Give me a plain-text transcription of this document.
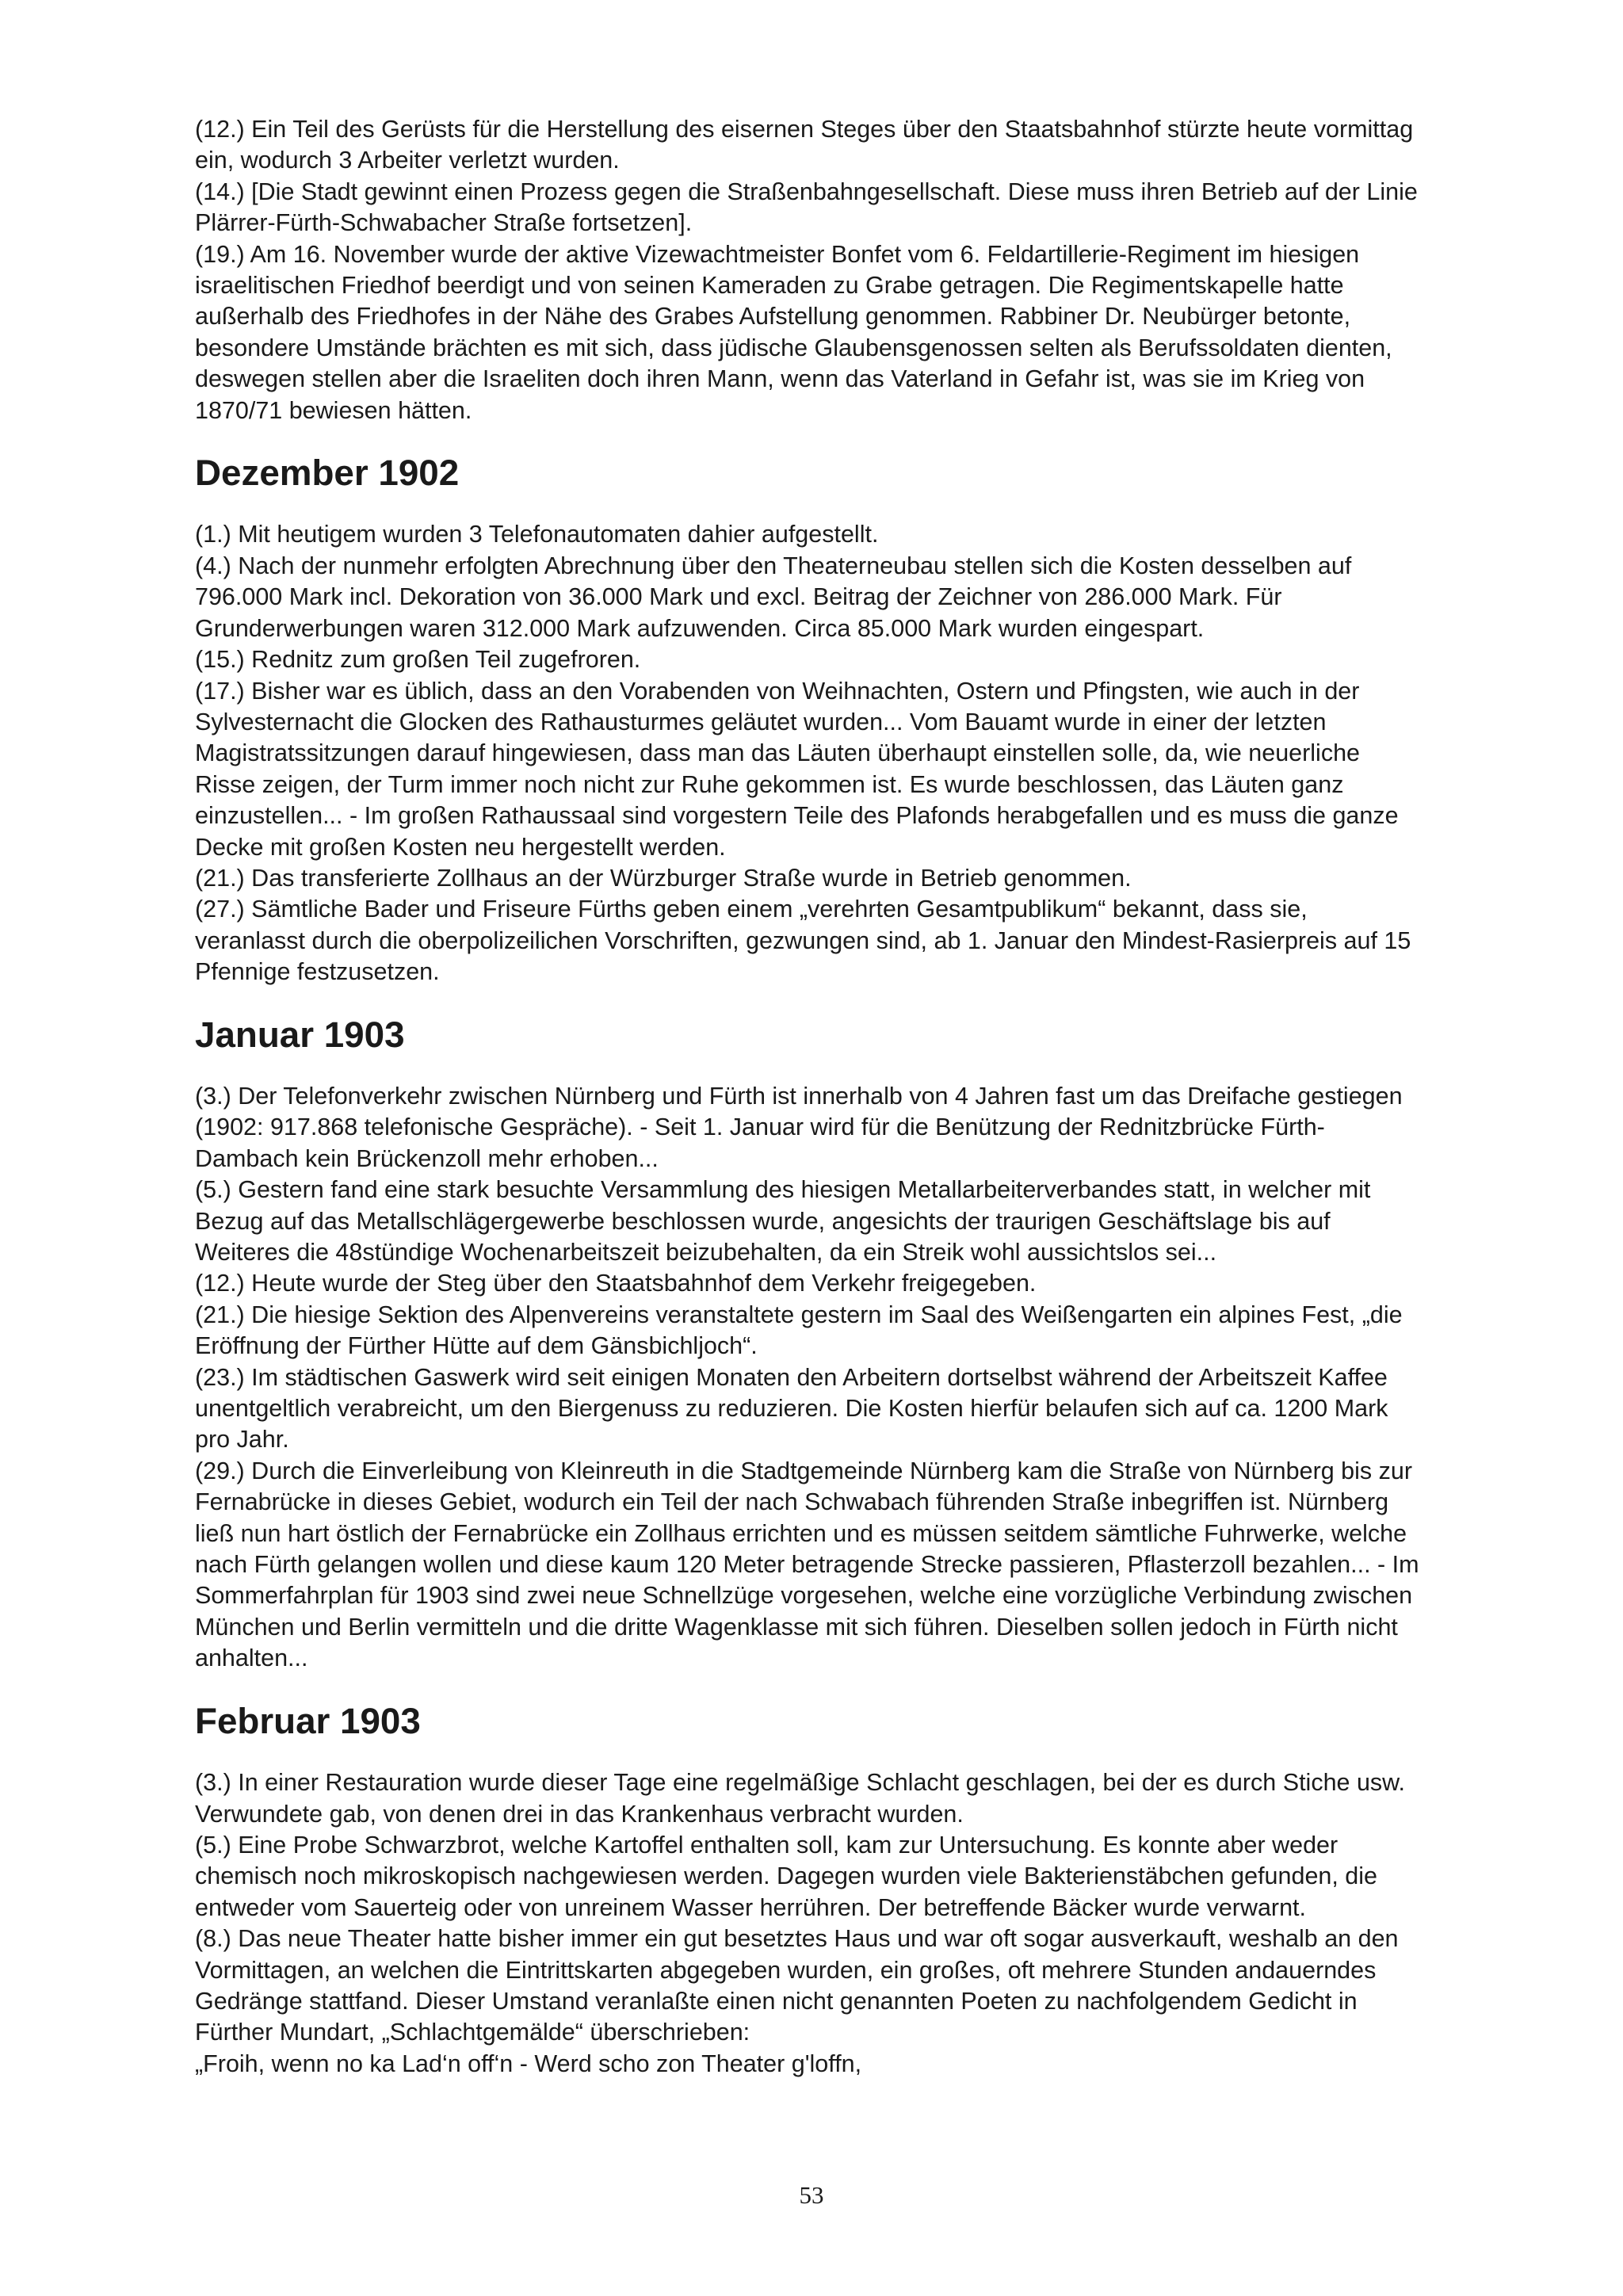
(12.) Ein Teil des Gerüsts für die Herstellung des eisernen Steges über den Staatsbahnhof stürzte heute vormittag ein, wodurch 3 Arbeiter verletzt wurden.

(14.) [Die Stadt gewinnt einen Prozess gegen die Straßenbahngesellschaft. Diese muss ihren Betrieb auf der Linie Plärrer-Fürth-Schwabacher Straße fortsetzen].

(19.) Am 16. November wurde der aktive Vizewachtmeister Bonfet vom 6. Feldartillerie-Regiment im hiesigen israelitischen Friedhof beerdigt und von seinen Kameraden zu Grabe getragen. Die Regimentskapelle hatte außerhalb des Friedhofes in der Nähe des Grabes Aufstellung genommen. Rabbiner Dr. Neubürger betonte, besondere Umstände brächten es mit sich, dass jüdische Glaubensgenossen selten als Berufssoldaten dienten, deswegen stellen aber die Israeliten doch ihren Mann, wenn das Vaterland in Gefahr ist, was sie im Krieg von 1870/71 bewiesen hätten.

Dezember 1902

(1.) Mit heutigem wurden 3 Telefonautomaten dahier aufgestellt.

(4.) Nach der nunmehr erfolgten Abrechnung über den Theaterneubau stellen sich die Kosten desselben auf 796.000 Mark incl. Dekoration von 36.000 Mark und excl. Beitrag der Zeichner von 286.000 Mark. Für Grunderwerbungen waren 312.000 Mark aufzuwenden. Circa 85.000 Mark wurden eingespart.

(15.) Rednitz zum großen Teil zugefroren.

(17.) Bisher war es üblich, dass an den Vorabenden von Weihnachten, Ostern und Pfingsten, wie auch in der Sylvesternacht die Glocken des Rathausturmes geläutet wurden... Vom Bauamt wurde in einer der letzten Magistratssitzungen darauf hingewiesen, dass man das Läuten überhaupt einstellen solle, da, wie neuerliche Risse zeigen, der Turm immer noch nicht zur Ruhe gekommen ist. Es wurde beschlossen, das Läuten ganz einzustellen... - Im großen Rathaussaal sind vorgestern Teile des Plafonds herabgefallen und es muss die ganze Decke mit großen Kosten neu hergestellt werden.

(21.) Das transferierte Zollhaus an der Würzburger Straße wurde in Betrieb genommen.

(27.) Sämtliche Bader und Friseure Fürths geben einem „verehrten Gesamtpublikum“ bekannt, dass sie, veranlasst durch die oberpolizeilichen Vorschriften, gezwungen sind, ab 1. Januar den Mindest-Rasierpreis auf 15 Pfennige festzusetzen.

Januar 1903

(3.) Der Telefonverkehr zwischen Nürnberg und Fürth ist innerhalb von 4 Jahren fast um das Dreifache gestiegen (1902: 917.868 telefonische Gespräche). - Seit 1. Januar wird für die Benützung der Rednitzbrücke Fürth-Dambach kein Brückenzoll mehr erhoben...

(5.) Gestern fand eine stark besuchte Versammlung des hiesigen Metallarbeiterverbandes statt, in welcher mit Bezug auf das Metallschlägergewerbe beschlossen wurde, angesichts der traurigen Geschäftslage bis auf Weiteres die 48stündige Wochenarbeitszeit beizubehalten, da ein Streik wohl aussichtslos sei...

(12.) Heute wurde der Steg über den Staatsbahnhof dem Verkehr freigegeben.

(21.) Die hiesige Sektion des Alpenvereins veranstaltete gestern im Saal des Weißengarten ein alpines Fest, „die Eröffnung der Fürther Hütte auf dem Gänsbichljoch“.

(23.) Im städtischen Gaswerk wird seit einigen Monaten den Arbeitern dortselbst während der Arbeitszeit Kaffee unentgeltlich verabreicht, um den Biergenuss zu reduzieren. Die Kosten hierfür belaufen sich auf ca. 1200 Mark pro Jahr.

(29.) Durch die Einverleibung von Kleinreuth in die Stadtgemeinde Nürnberg kam die Straße von Nürnberg bis zur Fernabrücke in dieses Gebiet, wodurch ein Teil der nach Schwabach führenden Straße inbegriffen ist. Nürnberg ließ nun hart östlich der Fernabrücke ein Zollhaus errichten und es müssen seitdem sämtliche Fuhrwerke, welche nach Fürth gelangen wollen und diese kaum 120 Meter betragende Strecke passieren, Pflasterzoll bezahlen... - Im Sommerfahrplan für 1903 sind zwei neue Schnellzüge vorgesehen, welche eine vorzügliche Verbindung zwischen München und Berlin vermitteln und die dritte Wagenklasse mit sich führen. Dieselben sollen jedoch in Fürth nicht anhalten...

Februar 1903

(3.) In einer Restauration wurde dieser Tage eine regelmäßige Schlacht geschlagen, bei der es durch Stiche usw. Verwundete gab, von denen drei in das Krankenhaus verbracht wurden.

(5.) Eine Probe Schwarzbrot, welche Kartoffel enthalten soll, kam zur Untersuchung. Es konnte aber weder chemisch noch mikroskopisch nachgewiesen werden. Dagegen wurden viele Bakterienstäbchen gefunden, die entweder vom Sauerteig oder von unreinem Wasser herrühren. Der betreffende Bäcker wurde verwarnt.

(8.) Das neue Theater hatte bisher immer ein gut besetztes Haus und war oft sogar ausverkauft, weshalb an den Vormittagen, an welchen die Eintrittskarten abgegeben wurden, ein großes, oft mehrere Stunden andauerndes Gedränge stattfand. Dieser Umstand veranlaßte einen nicht genannten Poeten zu nachfolgendem Gedicht in Fürther Mundart, „Schlachtgemälde“ überschrieben:

„Froih, wenn no ka Lad‘n off‘n - Werd scho zon Theater g'loffn,

53
